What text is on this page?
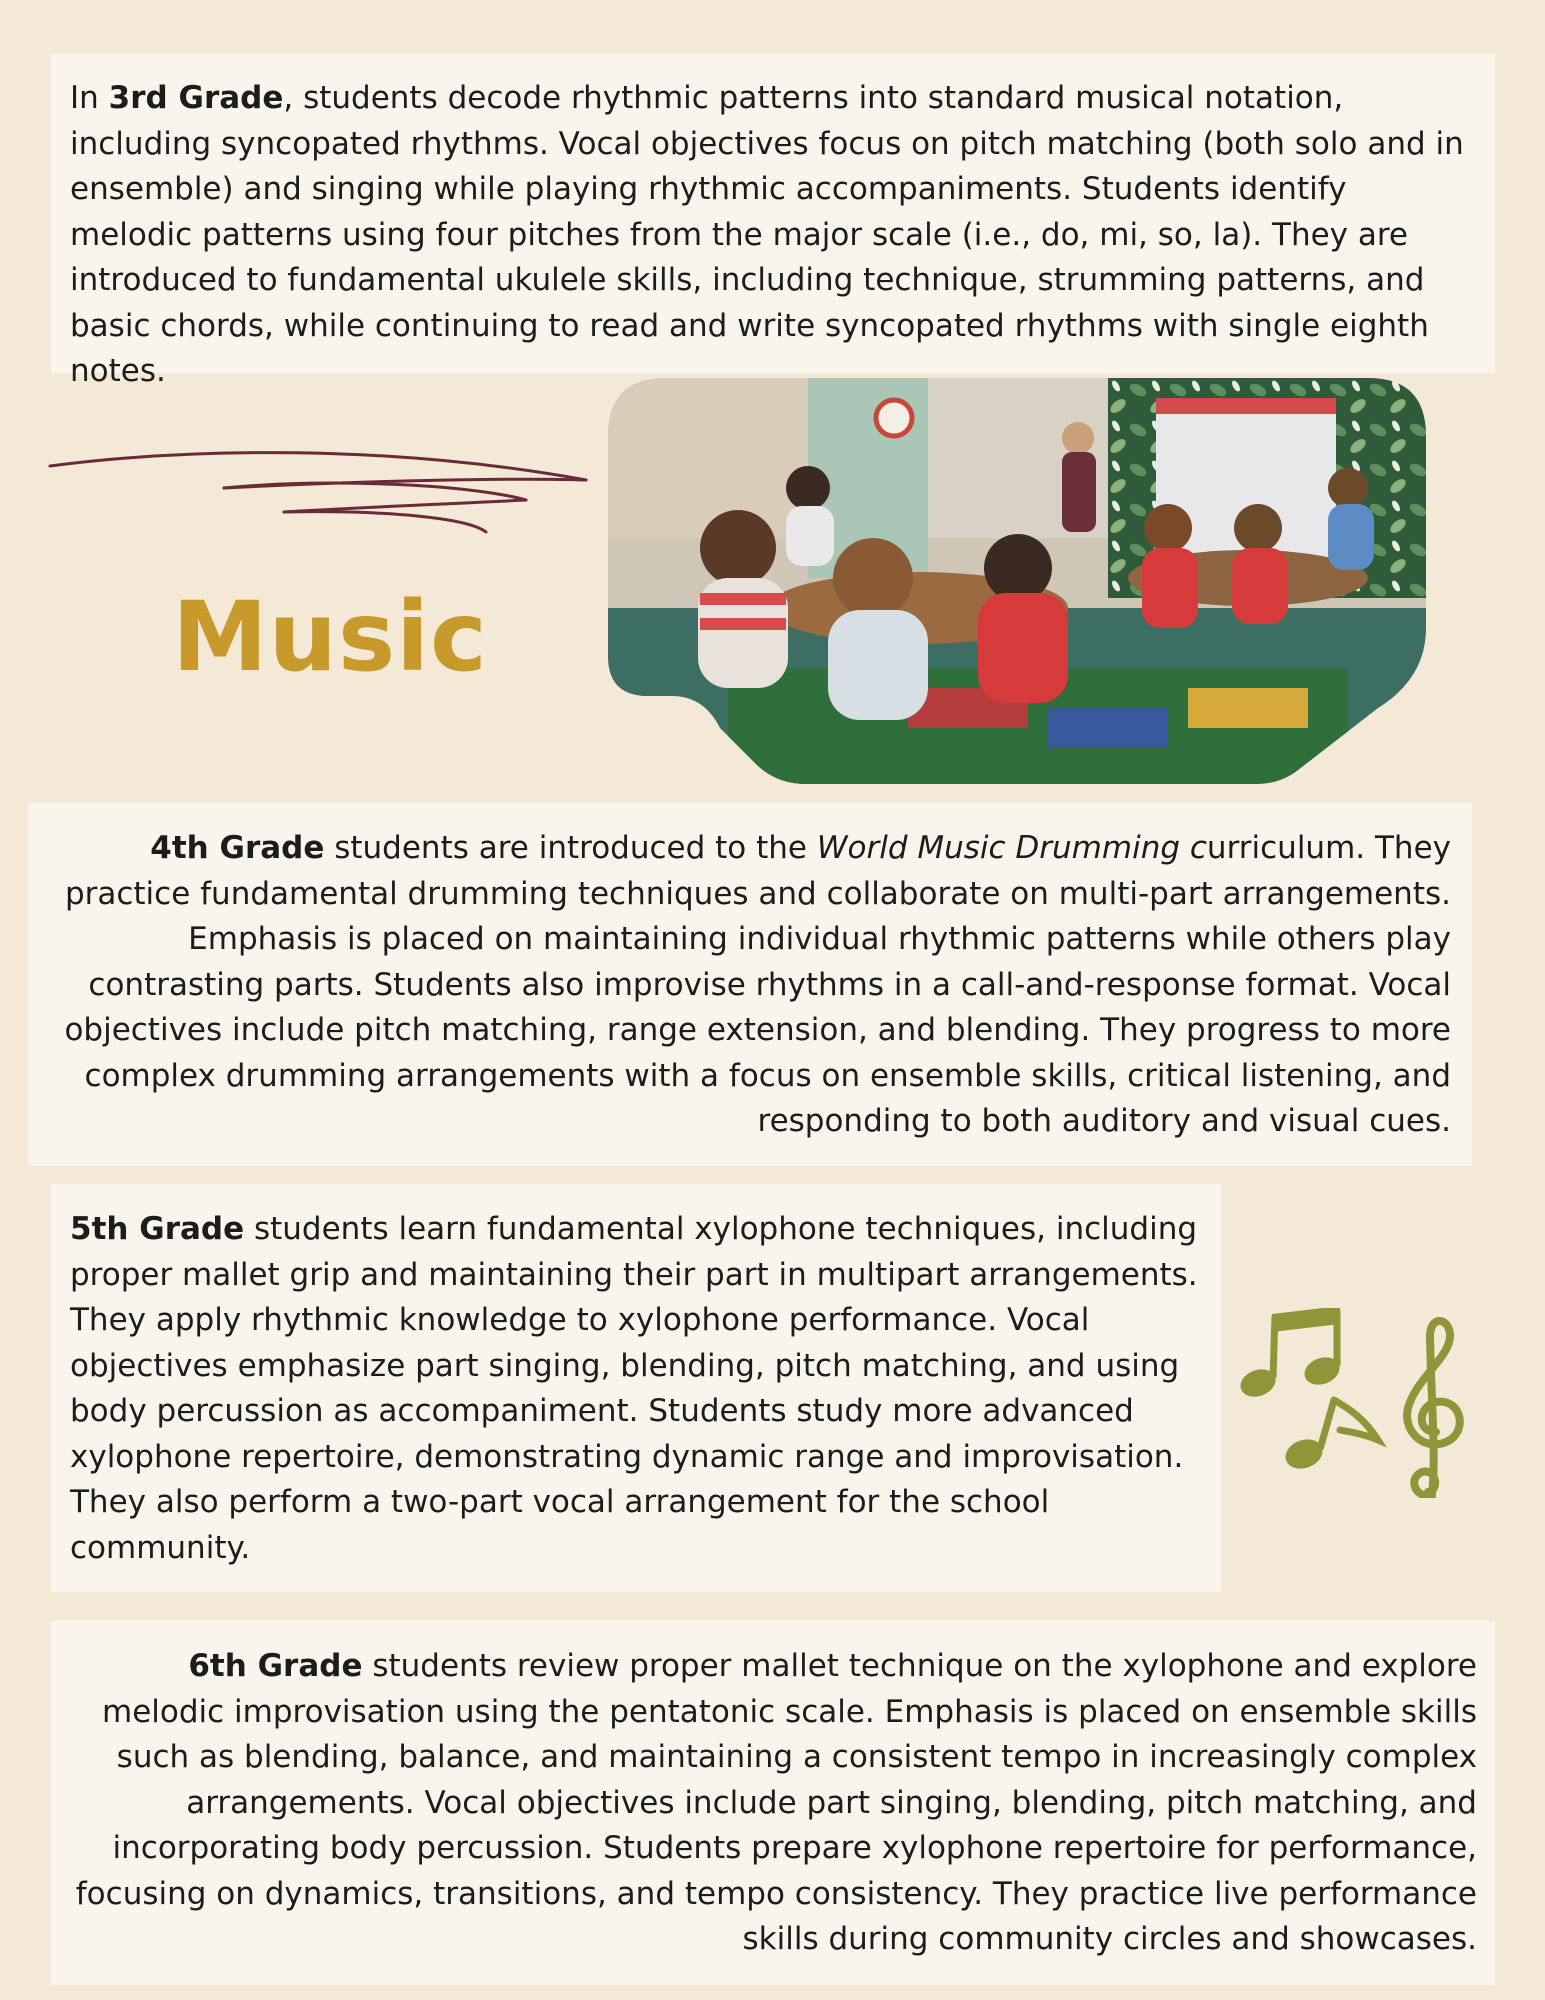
In 3rd Grade, students decode rhythmic patterns into standard musical notation, including syncopated rhythms. Vocal objectives focus on pitch matching (both solo and in ensemble) and singing while playing rhythmic accompaniments. Students identify melodic patterns using four pitches from the major scale (i.e., do, mi, so, la). They are introduced to fundamental ukulele skills, including technique, strumming patterns, and basic chords, while continuing to read and write syncopated rhythms with single eighth notes.

Music

4th Grade students are introduced to the World Music Drumming curriculum. They practice fundamental drumming techniques and collaborate on multi-part arrangements. Emphasis is placed on maintaining individual rhythmic patterns while others play contrasting parts. Students also improvise rhythms in a call-and-response format. Vocal objectives include pitch matching, range extension, and blending. They progress to more complex drumming arrangements with a focus on ensemble skills, critical listening, and responding to both auditory and visual cues.

5th Grade students learn fundamental xylophone techniques, including proper mallet grip and maintaining their part in multipart arrangements. They apply rhythmic knowledge to xylophone performance. Vocal objectives emphasize part singing, blending, pitch matching, and using body percussion as accompaniment. Students study more advanced xylophone repertoire, demonstrating dynamic range and improvisation. They also perform a two-part vocal arrangement for the school community.

6th Grade students review proper mallet technique on the xylophone and explore melodic improvisation using the pentatonic scale. Emphasis is placed on ensemble skills such as blending, balance, and maintaining a consistent tempo in increasingly complex arrangements. Vocal objectives include part singing, blending, pitch matching, and incorporating body percussion. Students prepare xylophone repertoire for performance, focusing on dynamics, transitions, and tempo consistency. They practice live performance skills during community circles and showcases.
